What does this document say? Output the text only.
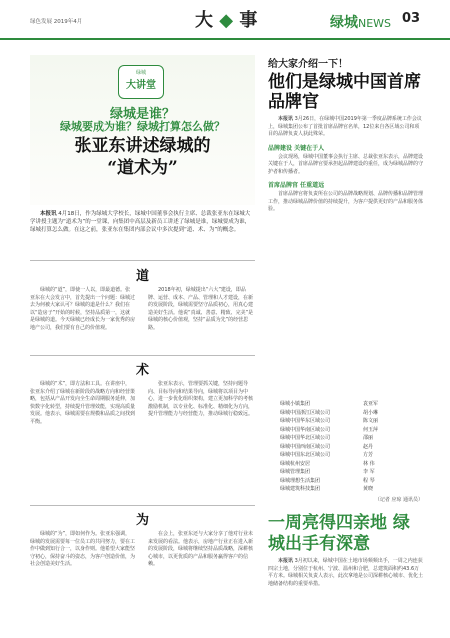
绿色发展 2019年4月	大 ◆ 事	绿城NEWS 03
绿城
大讲堂
绿城是谁？
绿城要成为谁？绿城打算怎么做？
张亚东讲述绿城的
“道术为”
本报讯 4月18日，作为绿城大学校长，绿城中国董事会执行主席、总裁张亚东在绿城大学讲授主题为“道术为”的一堂课，向集团中高层及新员工讲述了绿城是谁，绿城要成为谁，绿城打算怎么做。在这之前，张亚东在集团内部会议中多次提到“道、术、为”的概念。
道
绿城的“道”，即使一人以，即最道德。张亚东在大会发言中，首先提出一个问题：绿城过去为何被大家认可？绿城的道是什么？我们在以“造房子”开始的时候，坚持品质第一，这就是绿城的道。今天绿城已经成长为一家优秀的房地产公司，我们要有自己的价值观。
2018年初，绿城提出“六大”建设，即品牌、运营、成本、产品、管理和人才建设，在新的发展阶段，绿城需要坚守品质初心，用真心建造美好生活。他说“真诚、善意、精致、完美”是绿城的核心价值观，坚持“品质为先”的经营思路。
术
绿城的“术”，即方法和工具。在讲座中，张亚东介绍了绿城在新阶段的战略方向和经营策略，包括从产品开发向全生命周期服务延伸，加快数字化转型，持续提升管理效能，实现高质量发展。他表示，绿城需要在规模和品质之间找到平衡。
张亚东表示，管理要抓关键，坚持问题导向、目标导向和结果导向，绿城将以项目为中心，进一步优化组织架构，建立更加科学的考核激励机制，以专业化、标准化、精细化为方向，提升管理能力与经营能力，推动绿城行稳致远。
为
绿城的“为”，即如何作为。张亚东强调，绿城的发展需要每一位员工的共同努力，要在工作中做到知行合一，以身作则。他希望大家能坚守初心，保持奋斗的姿态，为客户创造价值，为社会创造美好生活。
在会上，张亚东还与大家分享了他对行业未来发展的看法。他表示，房地产行业正在进入新的发展阶段，绿城将继续坚持品质战略，深耕核心城市，以更优质的产品和服务赢得客户的信赖。
给大家介绍一下！
他们是绿城中国首席品牌官
本报讯 3月26日，在绿城中国2019年第一季度品牌系统工作会议上，绿城集团公布了首批首席品牌官名单，12位来自各区域公司和项目的品牌负责人获此殊荣。
品牌建设 关键在于人
会议现场，绿城中国董事会执行主席、总裁张亚东表示，品牌建设关键在于人，首席品牌官要承担起品牌建设的重任，成为绿城品牌的守护者和传播者。
首席品牌官 任重道远
首席品牌官将负责所在公司的品牌战略规划、品牌传播和品牌管理工作，推动绿城品牌价值的持续提升，为客户提供更好的产品和服务体验。
绿城小镇集团	袁亚军
绿城中国浙江区域公司	胡小琳
绿城中国华东区域公司	陈文丽
绿城中国华南区域公司	何玉萍
绿城中国华北区域公司	邵丽
绿城中国西南区域公司	赵丹
绿城中国东北区域公司	方芳
绿城杭州安居	林 伟
绿城管理集团	李 军
绿城理想生活集团	程 琴
绿城建筑科技集团	黄晓
（记者 应琼 通讯员）
一周亮得四亲地 绿城出手有深意
本报讯 3月初以来，绿城中国在土地市场频频出手，一周之内连获四宗土地，分别位于杭州、宁波、温州和合肥，总建筑面积约43.6万平方米。绿城相关负责人表示，此次拿地是公司深耕核心城市、优化土地储备结构的重要举措。
